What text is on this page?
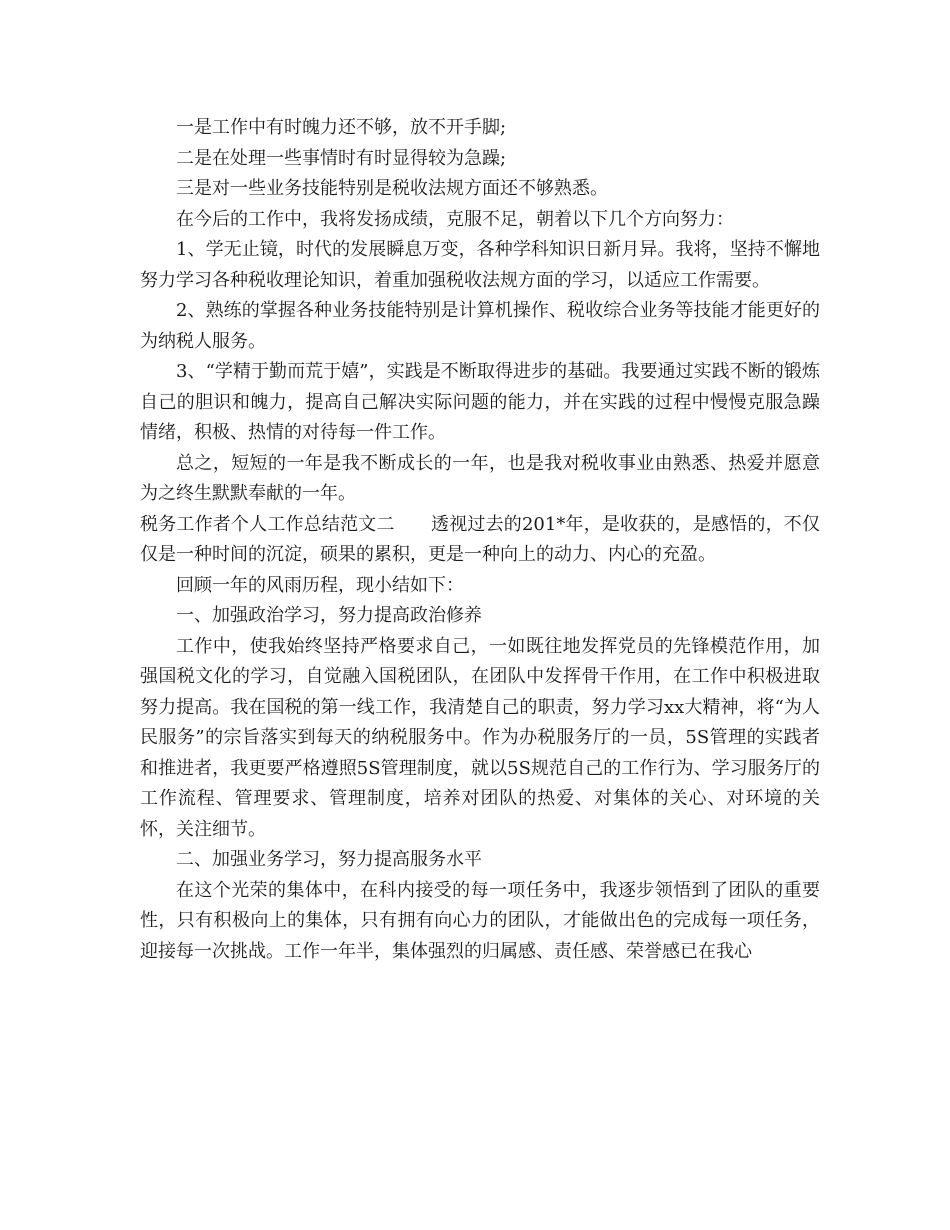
一是工作中有时魄力还不够，放不开手脚;

二是在处理一些事情时有时显得较为急躁;

三是对一些业务技能特别是税收法规方面还不够熟悉。

在今后的工作中，我将发扬成绩，克服不足，朝着以下几个方向努力：

1、学无止镜，时代的发展瞬息万变，各种学科知识日新月异。我将，坚持不懈地努力学习各种税收理论知识，着重加强税收法规方面的学习，以适应工作需要。

2、熟练的掌握各种业务技能特别是计算机操作、税收综合业务等技能才能更好的为纳税人服务。

3、“学精于勤而荒于嬉”，实践是不断取得进步的基础。我要通过实践不断的锻炼自己的胆识和魄力，提高自己解决实际问题的能力，并在实践的过程中慢慢克服急躁情绪，积极、热情的对待每一件工作。

总之，短短的一年是我不断成长的一年，也是我对税收事业由熟悉、热爱并愿意为之终生默默奉献的一年。

税务工作者个人工作总结范文二　　透视过去的201*年，是收获的，是感悟的，不仅仅是一种时间的沉淀，硕果的累积，更是一种向上的动力、内心的充盈。

回顾一年的风雨历程，现小结如下：

一、加强政治学习，努力提高政治修养

工作中，使我始终坚持严格要求自己，一如既往地发挥党员的先锋模范作用，加强国税文化的学习，自觉融入国税团队，在团队中发挥骨干作用，在工作中积极进取努力提高。我在国税的第一线工作，我清楚自己的职责，努力学习xx大精神，将“为人民服务”的宗旨落实到每天的纳税服务中。作为办税服务厅的一员，5S管理的实践者和推进者，我更要严格遵照5S管理制度，就以5S规范自己的工作行为、学习服务厅的工作流程、管理要求、管理制度，培养对团队的热爱、对集体的关心、对环境的关怀，关注细节。

二、加强业务学习，努力提高服务水平

在这个光荣的集体中，在科内接受的每一项任务中，我逐步领悟到了团队的重要性，只有积极向上的集体，只有拥有向心力的团队，才能做出色的完成每一项任务，迎接每一次挑战。工作一年半，集体强烈的归属感、责任感、荣誉感已在我心
